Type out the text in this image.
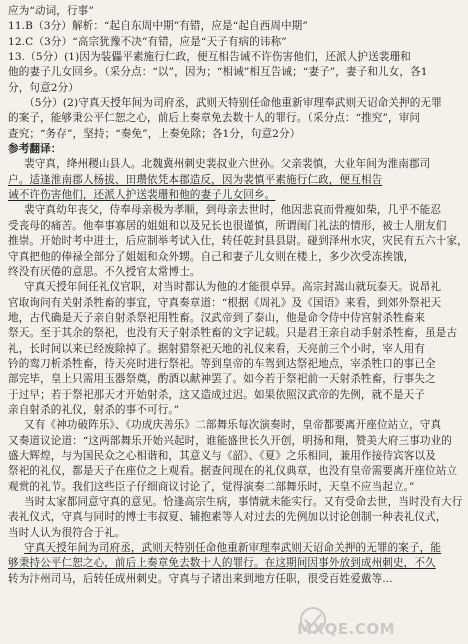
应为“动词，行事”
11.B（3分）解析：“起自东周中期”有错，应是“起自西周中期”
12.C（3分）“高宗犹豫不决”有错，应是“天子有病的讳称”
13.（5分）(1)因为装儡平素施行仁政，便互相告诫不许伤害他们，还派人护送裴珊和
他的妻子儿女回乡。（采分点：“以”，因为；“相诫”相互告诫；“妻子”，妻子和儿女，各1
分，句意2分）
（5分）(2)守真天授年间为司府丞，武则天特别任命他重新审理奉武则天诏命关押的无罪
的案子，能够秉公平仁恕之心，前后上奏章免去数十人的罪行。（采分点：“推究”，审问
查究；“务存”，坚持；“奏免”，上奏免除；各1分，句意2分）
参考翻译：
裴守真，绛州稷山县人。北魏冀州刺史裴叔业六世孙。父亲裴慎，大业年间为淮南郡司
户。适逢淮南郡人杨拔、田瓒依凭本郡造反，因为裴慎平素施行仁政，便互相告
诫不许伤害他们，还派人护送裴珊和他的妻子儿女回乡。
裴守真幼年丧父，侍奉母亲极为孝顺，到母亲去世时，他因悲哀而骨瘦如柴，几乎不能忍
受丧母的痛苦。他奉事寡居的姐姐和以及兄长也很谨慎，所谓闺门礼法的情形，被士人朋友们
推崇。开始时考中进士，后应制举考试入仕，转任乾封县县尉。碰到泽州水灾，灾民有五六十家，
守真把他的俸禄全部分了姐姐和众外甥。自己和妻子儿女则在楼上，多少次受冻挨饿，
终没有厌倦的意思。不久授官太常博士。
守真天授年间任礼仪官职，对当时都认为他的才能很卓异。高宗封嵩山就玩泰天。说昂礼
官取询问有关射杀牲畜的事宜，守真奏章道：“根据《周礼》及《国语》来看，到郊外祭祀天
地，古代确是天子亲自射杀祭祀用牲畜。汉武帝到了泰山，他是命令侍中侍宫射杀牲畜来
祭天。至于其余的祭祀，也没有天子射杀牲畜的文字记载。只是君王亲自动手射杀牲畜，虽是古
礼，长时间以来已经废除掉了。据射猎祭祀天地的礼仪来看，天亮前三个小时，宰人用有
钤的鸾刀析杀牲畜，待天亮时进行祭祀。等到皇帝的车驾到达祭祀地点，宰杀牲口的事已全
部完毕，皇上只需用玉器祭奠，酌酒以献神罢了。如今若于祭祀前一天射杀牲畜，行事失之
于过早；若于祭祀那天才开始射杀，这又造成过迟。如果依照汉武帝的先例，就不是天子
亲自射杀的礼仪，射杀的事不可行。”
又有《神功破阵乐》、《功成庆善乐》二部舞乐每次演奏时，皇帝都要离开座位站立，守真
又奏道议论道：“这两部舞乐开始兴起时，谁能盛世长久开创，明扬和翔，赞美大府三事功业的
盛大辉煌，与为国民众之心相谐和，其意义与《韶》、《夏》之乐相同，兼用作接待宾客以及
祭祀的礼仪，都是天子在座位之上观看。据查问现在的礼仪典章，也没有皇帝需要离开座位站立
观赏的礼节。我们这些臣子仔细商议讨论了，觉得演奏二部舞乐时，天皇不应当起立。”
当时太家都同意守真的意见。恰逢高宗生病，事情就未能实行。又有受命去世，当时没有大行
表礼仪式，守真与同时的博士韦叔夏、辅抱素等人对过去的先例加以讨论创制一种表礼仪式，
当时人认为很符合于礼。
守真天授年间为司府丞，武则天特别任命他重新审理奉武则天诏命关押的无罪的案子，能
够秉持公平仁恕之心，前后上奏章免去数十人的罪行。在这期间因事外放到成州刺史，不久
转为汴州司马，后转任成州刺史。守真与子诸出来到地方任职，很受百姓爱戴等...
MXQE.COM
